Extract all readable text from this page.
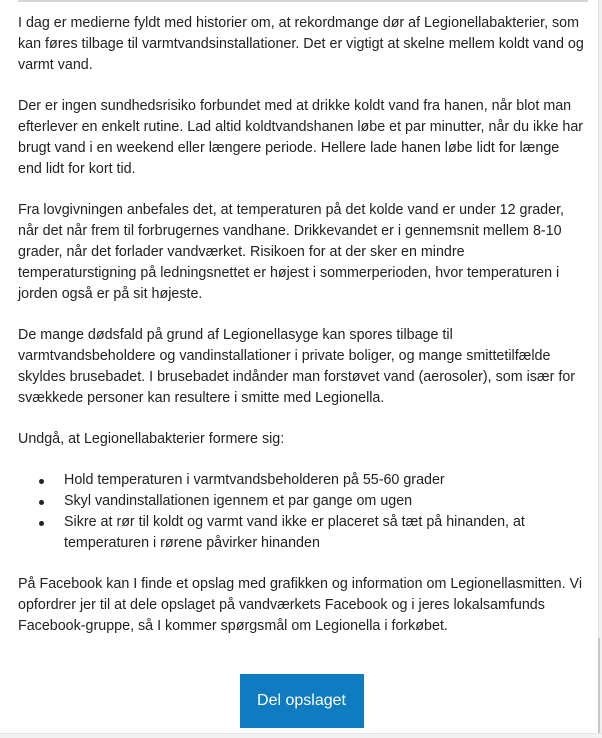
I dag er medierne fyldt med historier om, at rekordmange dør af Legionellabakterier, som kan føres tilbage til varmtvandsinstallationer. Det er vigtigt at skelne mellem koldt vand og varmt vand.

Der er ingen sundhedsrisiko forbundet med at drikke koldt vand fra hanen, når blot man efterlever en enkelt rutine. Lad altid koldtvandshanen løbe et par minutter, når du ikke har brugt vand i en weekend eller længere periode. Hellere lade hanen løbe lidt for længe end lidt for kort tid.

Fra lovgivningen anbefales det, at temperaturen på det kolde vand er under 12 grader, når det når frem til forbrugernes vandhane. Drikkevandet er i gennemsnit mellem 8-10 grader, når det forlader vandværket. Risikoen for at der sker en mindre temperaturstigning på ledningsnettet er højest i sommerperioden, hvor temperaturen i jorden også er på sit højeste.

De mange dødsfald på grund af Legionellasyge kan spores tilbage til varmtvandsbeholdere og vandinstallationer i private boliger, og mange smittetilfælde skyldes brusebadet. I brusebadet indånder man forstøvet vand (aerosoler), som især for svækkede personer kan resultere i smitte med Legionella.

Undgå, at Legionellabakterier formere sig:

Hold temperaturen i varmtvandsbeholderen på 55-60 grader
Skyl vandinstallationen igennem et par gange om ugen
Sikre at rør til koldt og varmt vand ikke er placeret så tæt på hinanden, at temperaturen i rørene påvirker hinanden

På Facebook kan I finde et opslag med grafikken og information om Legionellasmitten. Vi opfordrer jer til at dele opslaget på vandværkets Facebook og i jeres lokalsamfunds Facebook-gruppe, så I kommer spørgsmål om Legionella i forkøbet.

Del opslaget
